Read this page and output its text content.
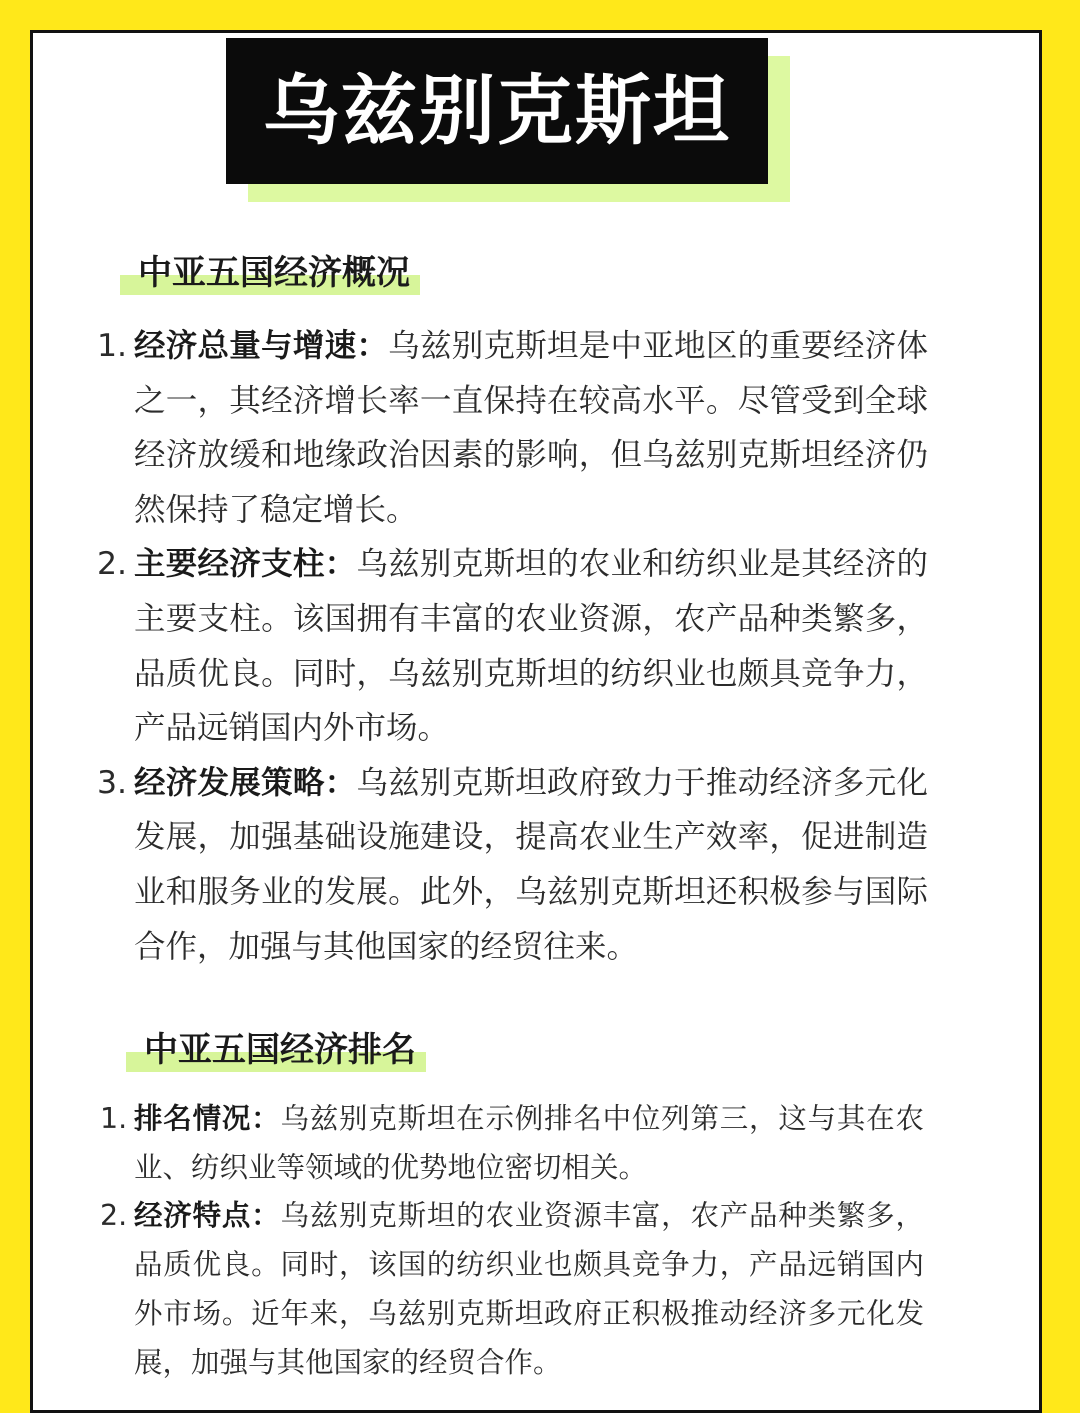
乌兹别克斯坦
中亚五国经济概况
1. 经济总量与增速：乌兹别克斯坦是中亚地区的重要经济体之一，其经济增长率一直保持在较高水平。尽管受到全球经济放缓和地缘政治因素的影响，但乌兹别克斯坦经济仍然保持了稳定增长。
2. 主要经济支柱：乌兹别克斯坦的农业和纺织业是其经济的主要支柱。该国拥有丰富的农业资源，农产品种类繁多，品质优良。同时，乌兹别克斯坦的纺织业也颇具竞争力，产品远销国内外市场。
3. 经济发展策略：乌兹别克斯坦政府致力于推动经济多元化发展，加强基础设施建设，提高农业生产效率，促进制造业和服务业的发展。此外，乌兹别克斯坦还积极参与国际合作，加强与其他国家的经贸往来。
中亚五国经济排名
1. 排名情况：乌兹别克斯坦在示例排名中位列第三，这与其在农业、纺织业等领域的优势地位密切相关。
2. 经济特点：乌兹别克斯坦的农业资源丰富，农产品种类繁多，品质优良。同时，该国的纺织业也颇具竞争力，产品远销国内外市场。近年来，乌兹别克斯坦政府正积极推动经济多元化发展，加强与其他国家的经贸合作。
